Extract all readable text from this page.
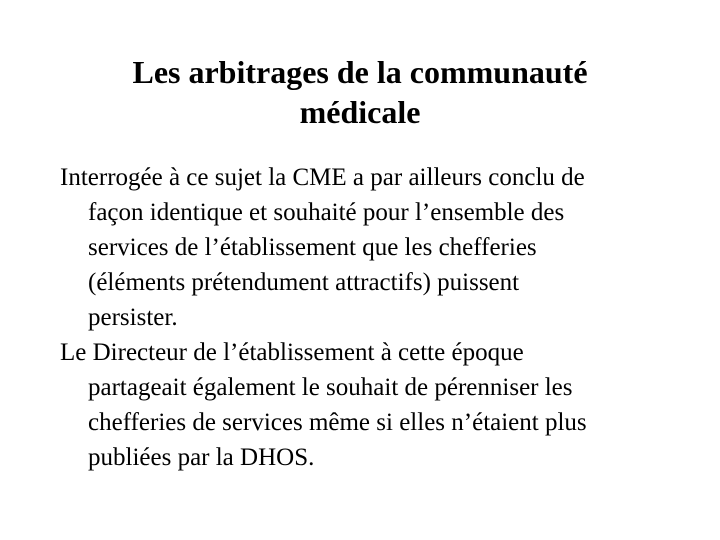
Les arbitrages de la communauté
médicale

Interrogée à ce sujet la CME a par ailleurs conclu de
façon identique et souhaité pour l’ensemble des
services de l’établissement que les chefferies
(éléments prétendument attractifs) puissent
persister.

Le Directeur de l’établissement à cette époque
partageait également le souhait de pérenniser les
chefferies de services même si elles n’étaient plus
publiées par la DHOS.
